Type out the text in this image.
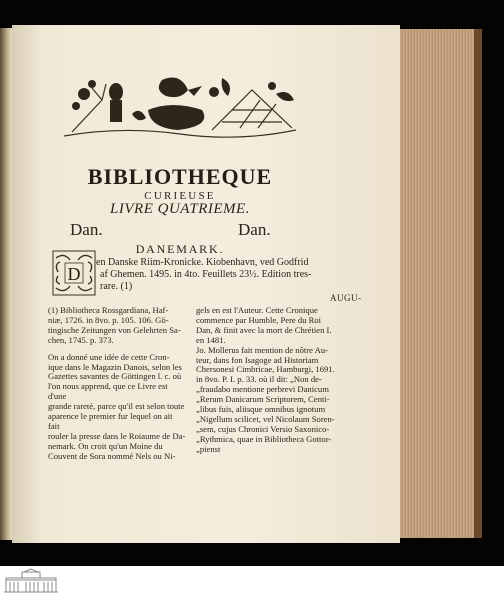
BIBLIOTHEQUE
CURIEUSE
LIVRE QUATRIEME.
Dan.	Dan.
DANEMARK.
D
en Danske Riim-Kronicke. Kiobenhavn, ved Godfrid
af Ghemen. 1495. in 4to. Feuillets 23½. Edition tres-
rare. (1)
AUGU-

(1) Bibliotheca Rossgardiana, Haf-

niæ, 1726. in 8vo. p. 105. 106. Gö-

tingische Zeitungen von Gelehrten Sa-

chen, 1745. p. 373.

On a donné une idée de cette Cron-

ique dans le Magazin Danois, selon les

Gazettes savantes de Göttingen l. c. où

l'on nous apprend, que ce Livre est d'une

grande rareté, parce qu'il est selon toute

aparence le premier fur lequel on ait fait

rouler la presse dans le Roiaume de Da-

nemark. On croit qu'un Moine du

Couvent de Sora nommé Nels ou Ni-

gels en est l'Auteur. Cette Cronique

commence par Humble, Pere du Roi

Dan, & finit avec la mort de Chrétien I.

en 1481.

Jo. Mollerus fait mention de nôtre Au-

teur, dans fon Isagoge ad Historiam

Chersonesi Cimbricae, Hamburgi, 1691.

in 8vo. P. I. p. 33. où il dit: „Non de-

„fraudabo mentione perbrevi Danicum

„Rerum Danicarum Scriptorem, Centi-

„libus fuis, aliisque omnibus ignotum

„Nigellum scilicet, vel Nicolaum Soren-

„sem, cujus Chronici Versio Saxonico-

„Rythmica, quae in Bibliotheca Gottor-

„pienst
